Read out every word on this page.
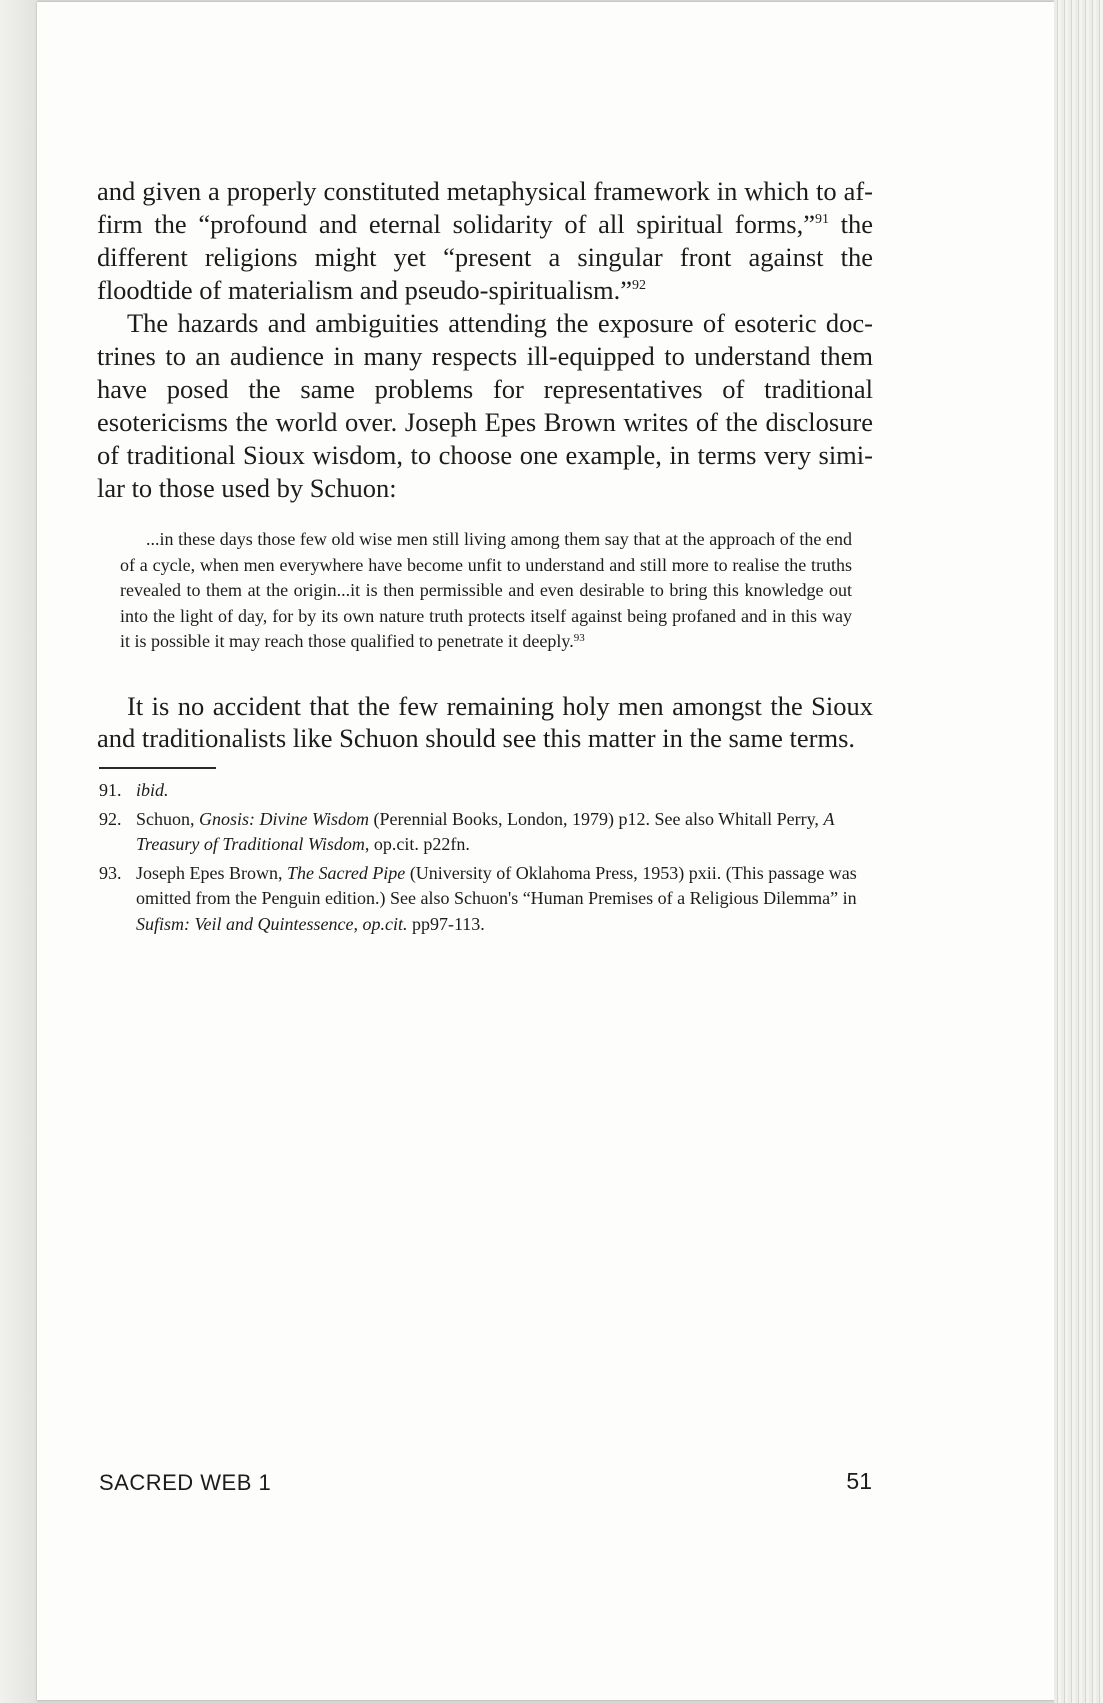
and given a properly constituted metaphysical framework in which to affirm the “profound and eternal solidarity of all spiritual forms,”$^{91}$ the different religions might yet “present a singular front against the floodtide of materialism and pseudo-spiritualism.”$^{92}$

The hazards and ambiguities attending the exposure of esoteric doctrines to an audience in many respects ill-equipped to understand them have posed the same problems for representatives of traditional esotericisms the world over. Joseph Epes Brown writes of the disclosure of traditional Sioux wisdom, to choose one example, in terms very similar to those used by Schuon:

...in these days those few old wise men still living among them say that at the approach of the end of a cycle, when men everywhere have become unfit to understand and still more to realise the truths revealed to them at the origin...it is then permissible and even desirable to bring this knowledge out into the light of day, for by its own nature truth protects itself against being profaned and in this way it is possible it may reach those qualified to penetrate it deeply.$^{93}$

It is no accident that the few remaining holy men amongst the Sioux and traditionalists like Schuon should see this matter in the same terms.

91. ibid.
92. Schuon, Gnosis: Divine Wisdom (Perennial Books, London, 1979) p12. See also Whitall Perry, A Treasury of Traditional Wisdom, op.cit. p22fn.
93. Joseph Epes Brown, The Sacred Pipe (University of Oklahoma Press, 1953) pxii. (This passage was omitted from the Penguin edition.) See also Schuon's “Human Premises of a Religious Dilemma” in Sufism: Veil and Quintessence, op.cit. pp97-113.
SACRED WEB 1	51
